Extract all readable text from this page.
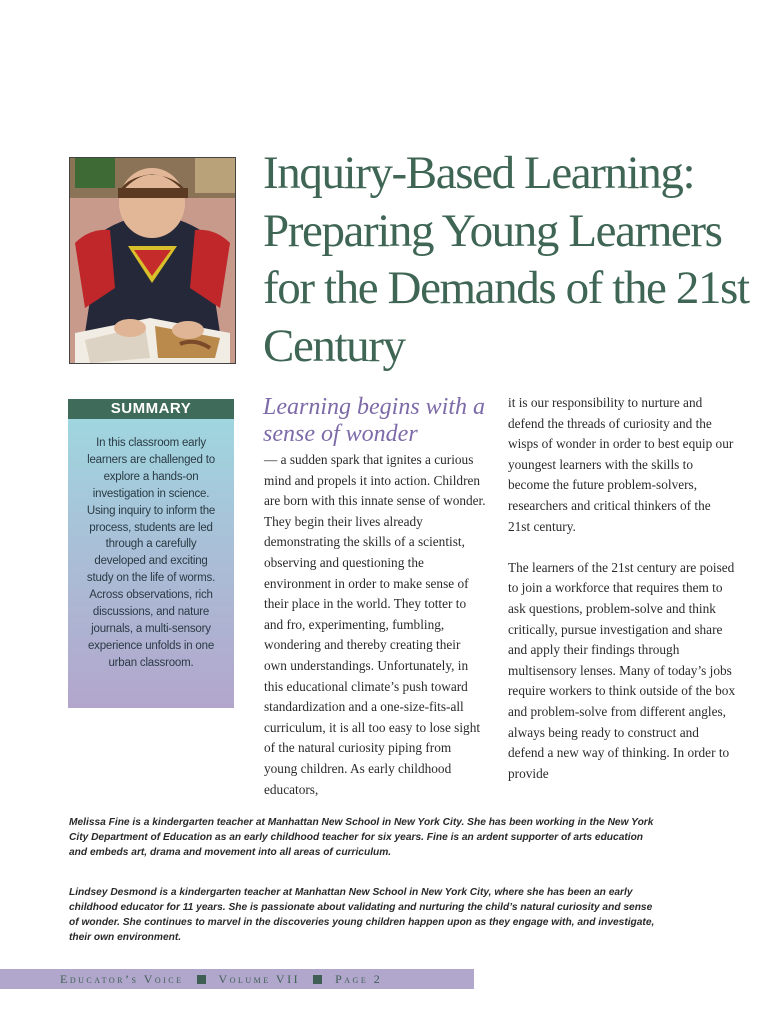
Inquiry-Based Learning: Preparing Young Learners for the Demands of the 21st Century
SUMMARY

In this classroom early learners are challenged to explore a hands-on investigation in science. Using inquiry to inform the process, students are led through a carefully developed and exciting study on the life of worms. Across observations, rich discussions, and nature journals, a multi-sensory experience unfolds in one urban classroom.

Learning begins with a sense of wonder

— a sudden spark that ignites a curious mind and propels it into action. Children are born with this innate sense of wonder. They begin their lives already demonstrating the skills of a scientist, observing and questioning the environment in order to make sense of their place in the world. They totter to and fro, experimenting, fumbling, wondering and thereby creating their own understandings. Unfortunately, in this educational climate’s push toward standardization and a one-size-fits-all curriculum, it is all too easy to lose sight of the natural curiosity piping from young children. As early childhood educators,

it is our responsibility to nurture and defend the threads of curiosity and the wisps of wonder in order to best equip our youngest learners with the skills to become the future problem-solvers, researchers and critical thinkers of the 21st century.

The learners of the 21st century are poised to join a workforce that requires them to ask questions, problem-solve and think critically, pursue investigation and share and apply their findings through multisensory lenses. Many of today’s jobs require workers to think outside of the box and problem-solve from different angles, always being ready to construct and defend a new way of thinking. In order to provide

Melissa Fine is a kindergarten teacher at Manhattan New School in New York City. She has been working in the New York City Department of Education as an early childhood teacher for six years. Fine is an ardent supporter of arts education and embeds art, drama and movement into all areas of curriculum.

Lindsey Desmond is a kindergarten teacher at Manhattan New School in New York City, where she has been an early childhood educator for 11 years. She is passionate about validating and nurturing the child’s natural curiosity and sense of wonder. She continues to marvel in the discoveries young children happen upon as they engage with, and investigate, their own environment.

Educator’s Voice	Volume VII	Page 2
